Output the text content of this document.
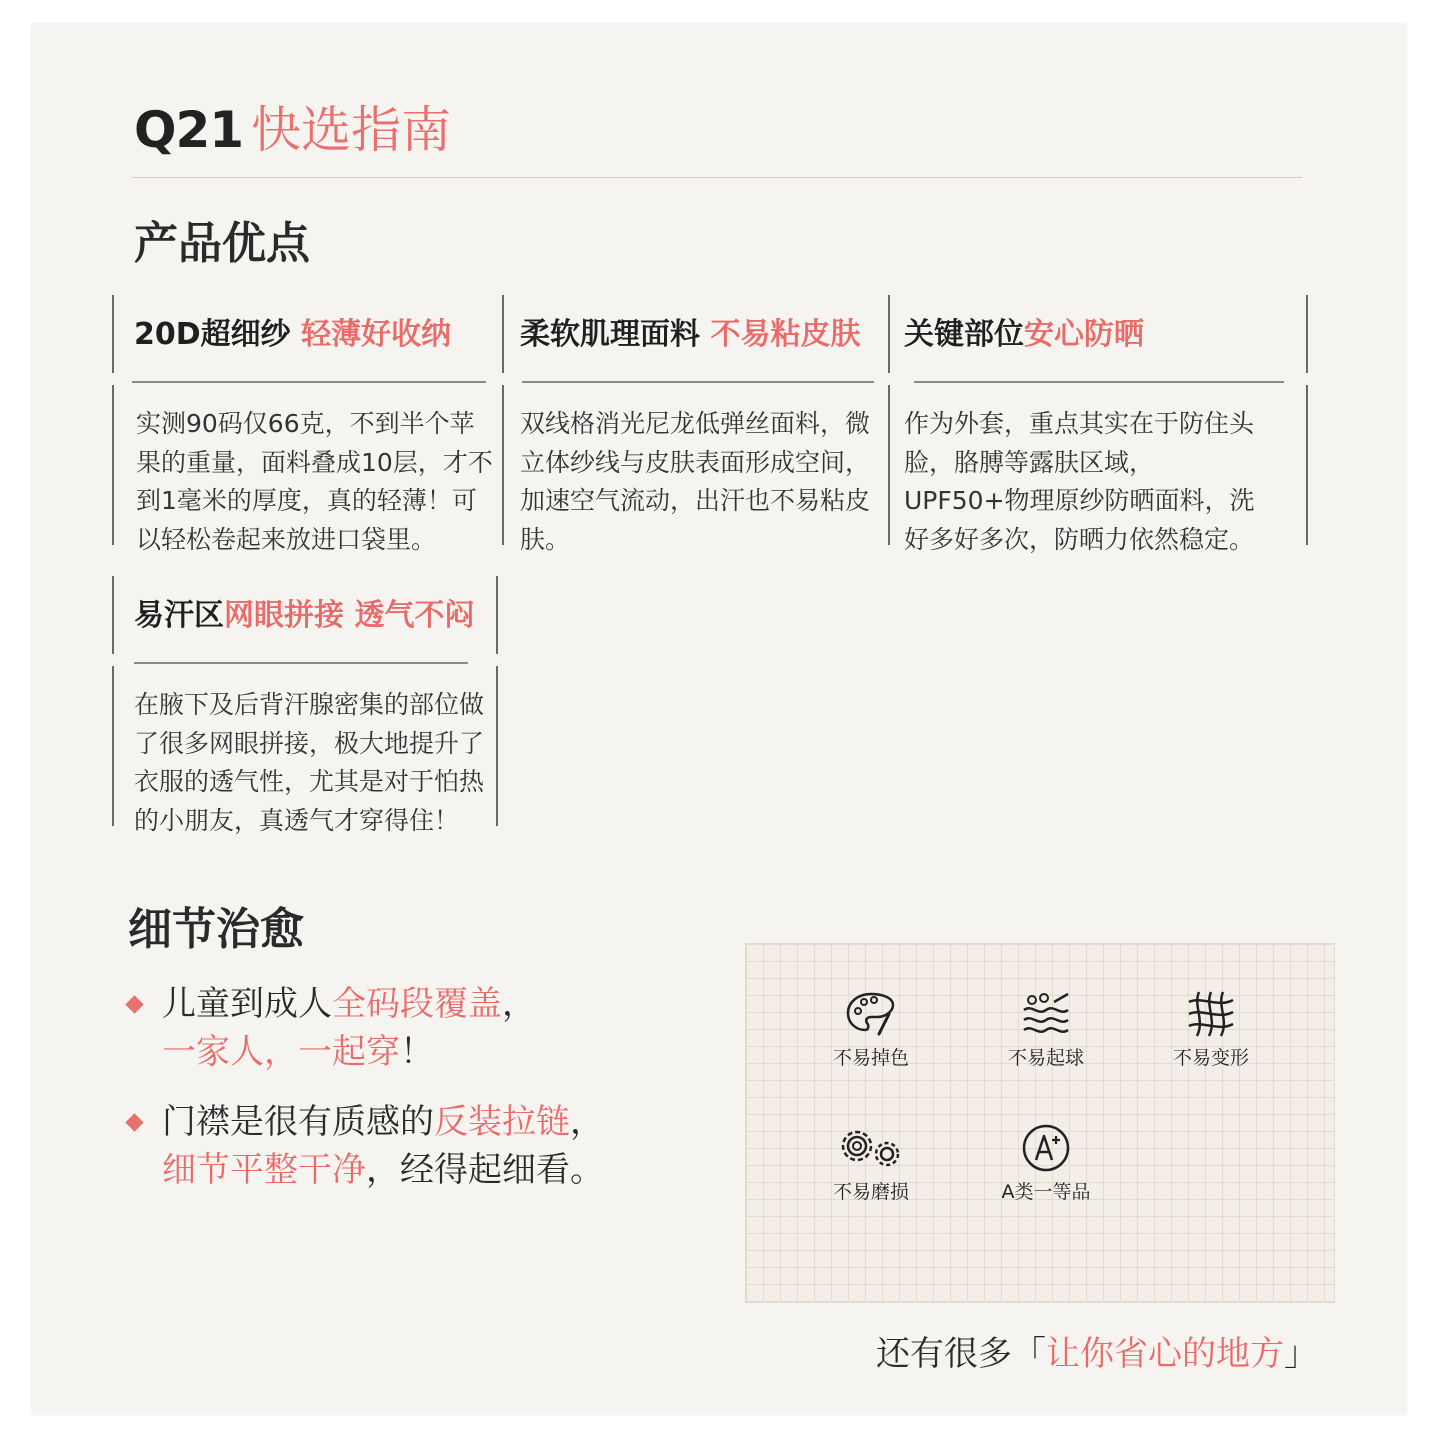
Q21 快选指南
产品优点
20D超细纱 轻薄好收纳
实测90码仅66克，不到半个苹果的重量，面料叠成10层，才不到1毫米的厚度，真的轻薄！可以轻松卷起来放进口袋里。
柔软肌理面料 不易粘皮肤
双线格消光尼龙低弹丝面料，微立体纱线与皮肤表面形成空间，加速空气流动，出汗也不易粘皮肤。
关键部位安心防晒
作为外套，重点其实在于防住头脸，胳膊等露肤区域，UPF50+物理原纱防晒面料，洗好多好多次，防晒力依然稳定。
易汗区网眼拼接 透气不闷
在腋下及后背汗腺密集的部位做了很多网眼拼接，极大地提升了衣服的透气性，尤其是对于怕热的小朋友，真透气才穿得住！
细节治愈
儿童到成人全码段覆盖，
一家人，一起穿！
门襟是很有质感的反装拉链，
细节平整干净，经得起细看。
不易掉色	不易起球	不易变形
不易磨损	A类一等品
还有很多「让你省心的地方」
